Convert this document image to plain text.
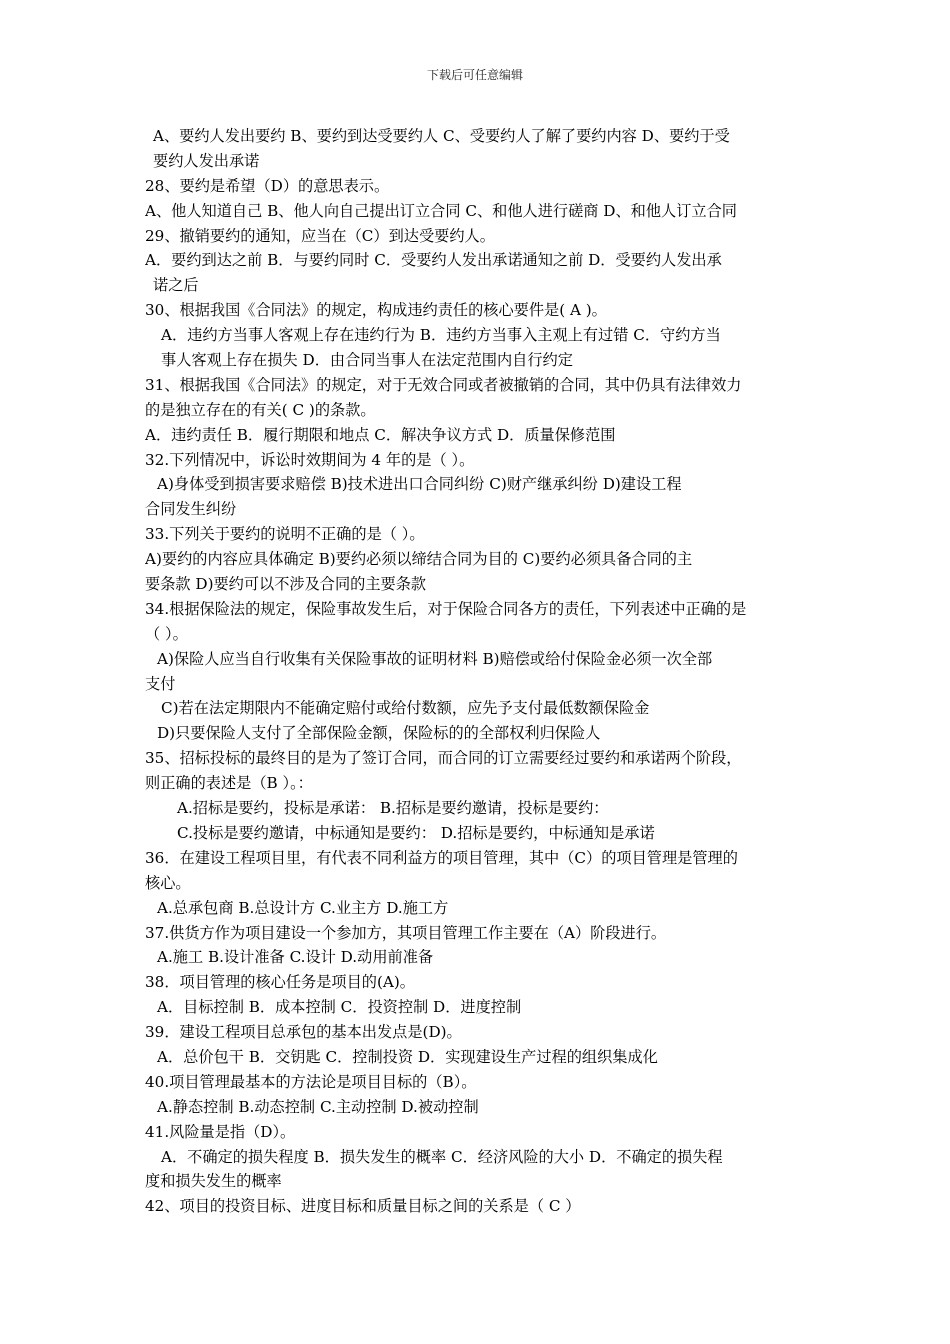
下载后可任意编辑
A、要约人发出要约 B、要约到达受要约人 C、受要约人了解了要约内容 D、要约于受
要约人发出承诺
28、要约是希望（D）的意思表示。
A、他人知道自己 B、他人向自己提出订立合同 C、和他人进行磋商 D、和他人订立合同
29、撤销要约的通知，应当在（C）到达受要约人。
A．要约到达之前 B．与要约同时 C．受要约人发出承诺通知之前 D．受要约人发出承
诺之后
30、根据我国《合同法》的规定，构成违约责任的核心要件是( A )。
A．违约方当事人客观上存在违约行为 B．违约方当事入主观上有过错 C．守约方当
事人客观上存在损失 D．由合同当事人在法定范围内自行约定
31、根据我国《合同法》的规定，对于无效合同或者被撤销的合同，其中仍具有法律效力
的是独立存在的有关( C )的条款。
A．违约责任 B．履行期限和地点 C．解决争议方式 D．质量保修范围
32.下列情况中，诉讼时效期间为 4 年的是（ ）。
A)身体受到损害要求赔偿 B)技术进出口合同纠纷 C)财产继承纠纷 D)建设工程
合同发生纠纷
33.下列关于要约的说明不正确的是（ ）。
A)要约的内容应具体确定 B)要约必须以缔结合同为目的 C)要约必须具备合同的主
要条款 D)要约可以不涉及合同的主要条款
34.根据保险法的规定，保险事故发生后，对于保险合同各方的责任，下列表述中正确的是
（ ）。
A)保险人应当自行收集有关保险事故的证明材料 B)赔偿或给付保险金必须一次全部
支付
C)若在法定期限内不能确定赔付或给付数额，应先予支付最低数额保险金
D)只要保险人支付了全部保险金额，保险标的的全部权利归保险人
35、招标投标的最终目的是为了签订合同，而合同的订立需要经过要约和承诺两个阶段，
则正确的表述是（B ）。：
A.招标是要约，投标是承诺： B.招标是要约邀请，投标是要约：
C.投标是要约邀请，中标通知是要约： D.招标是要约，中标通知是承诺
36．在建设工程项目里，有代表不同利益方的项目管理，其中（C）的项目管理是管理的
核心。
A.总承包商 B.总设计方 C.业主方 D.施工方
37.供货方作为项目建设一个参加方，其项目管理工作主要在（A）阶段进行。
A.施工 B.设计准备 C.设计 D.动用前准备
38．项目管理的核心任务是项目的(A)。
A．目标控制 B．成本控制 C．投资控制 D．进度控制
39．建设工程项目总承包的基本出发点是(D)。
A．总价包干 B．交钥匙 C．控制投资 D．实现建设生产过程的组织集成化
40.项目管理最基本的方法论是项目目标的（B）。
A.静态控制 B.动态控制 C.主动控制 D.被动控制
41.风险量是指（D）。
A．不确定的损失程度 B．损失发生的概率 C．经济风险的大小 D．不确定的损失程
度和损失发生的概率
42、项目的投资目标、进度目标和质量目标之间的关系是（ C ）
